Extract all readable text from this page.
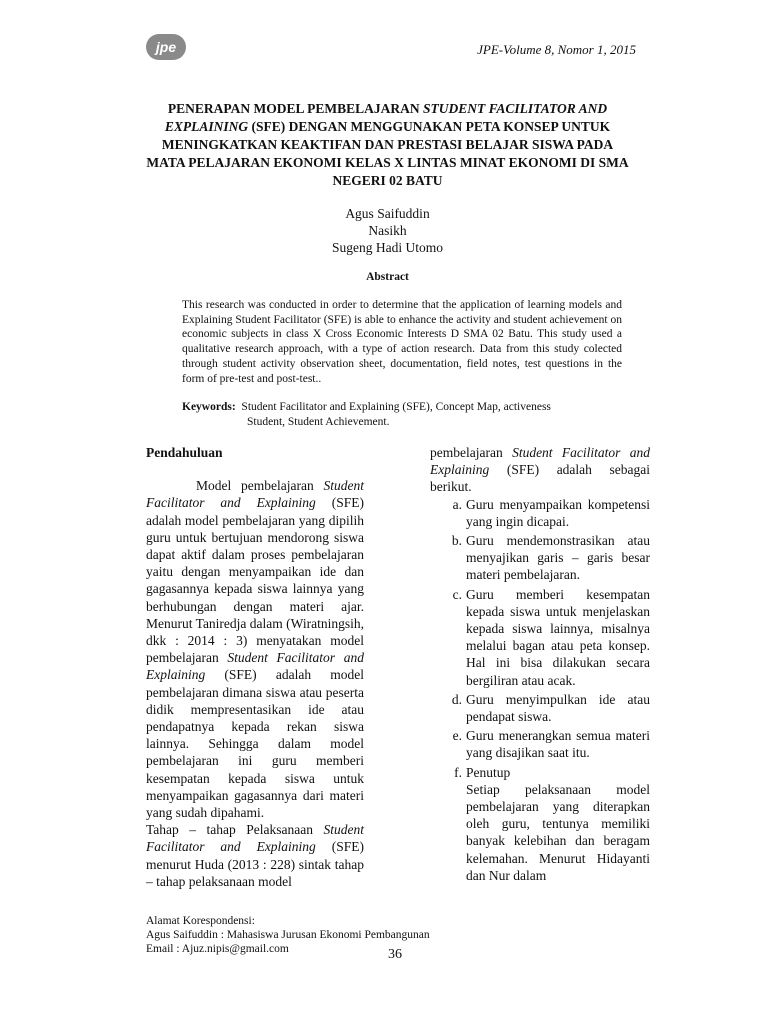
jpe	JPE-Volume 8, Nomor 1, 2015
PENERAPAN MODEL PEMBELAJARAN STUDENT FACILITATOR AND EXPLAINING (SFE) DENGAN MENGGUNAKAN PETA KONSEP UNTUK MENINGKATKAN KEAKTIFAN DAN PRESTASI BELAJAR SISWA PADA MATA PELAJARAN EKONOMI KELAS X LINTAS MINAT EKONOMI DI SMA NEGERI 02 BATU
Agus Saifuddin
Nasikh
Sugeng Hadi Utomo
Abstract
This research was conducted in order to determine that the application of learning models and Explaining Student Facilitator (SFE) is able to enhance the activity and student achievement on economic subjects in class X Cross Economic Interests D SMA 02 Batu. This study used a qualitative research approach, with a type of action research. Data from this study colected through student activity observation sheet, documentation, field notes, test questions in the form of pre-test and post-test..
Keywords: Student Facilitator and Explaining (SFE), Concept Map, activeness
Student, Student Achievement.
Pendahuluan

Model pembelajaran Student Facilitator and Explaining (SFE) adalah model pembelajaran yang dipilih guru untuk bertujuan mendorong siswa dapat aktif dalam proses pembelajaran yaitu dengan menyampaikan ide dan gagasannya kepada siswa lainnya yang berhubungan dengan materi ajar. Menurut Taniredja dalam (Wiratningsih, dkk : 2014 : 3) menyatakan model pembelajaran Student Facilitator and Explaining (SFE) adalah model pembelajaran dimana siswa atau peserta didik mempresentasikan ide atau pendapatnya kepada rekan siswa lainnya. Sehingga dalam model pembelajaran ini guru memberi kesempatan kepada siswa untuk menyampaikan gagasannya dari materi yang sudah dipahami.

Tahap – tahap Pelaksanaan Student Facilitator and Explaining (SFE) menurut Huda (2013 : 228) sintak tahap – tahap pelaksanaan model

pembelajaran Student Facilitator and Explaining (SFE) adalah sebagai berikut.

a. Guru menyampaikan kompetensi yang ingin dicapai.
b. Guru mendemonstrasikan atau menyajikan garis – garis besar materi pembelajaran.
c. Guru memberi kesempatan kepada siswa untuk menjelaskan kepada siswa lainnya, misalnya melalui bagan atau peta konsep. Hal ini bisa dilakukan secara bergiliran atau acak.
d. Guru menyimpulkan ide atau pendapat siswa.
e. Guru menerangkan semua materi yang disajikan saat itu.
f. Penutup
Setiap pelaksanaan model pembelajaran yang diterapkan oleh guru, tentunya memiliki banyak kelebihan dan beragam kelemahan. Menurut Hidayanti dan Nur dalam
Alamat Korespondensi:
Agus Saifuddin : Mahasiswa Jurusan Ekonomi Pembangunan
Email : Ajuz.nipis@gmail.com	36
